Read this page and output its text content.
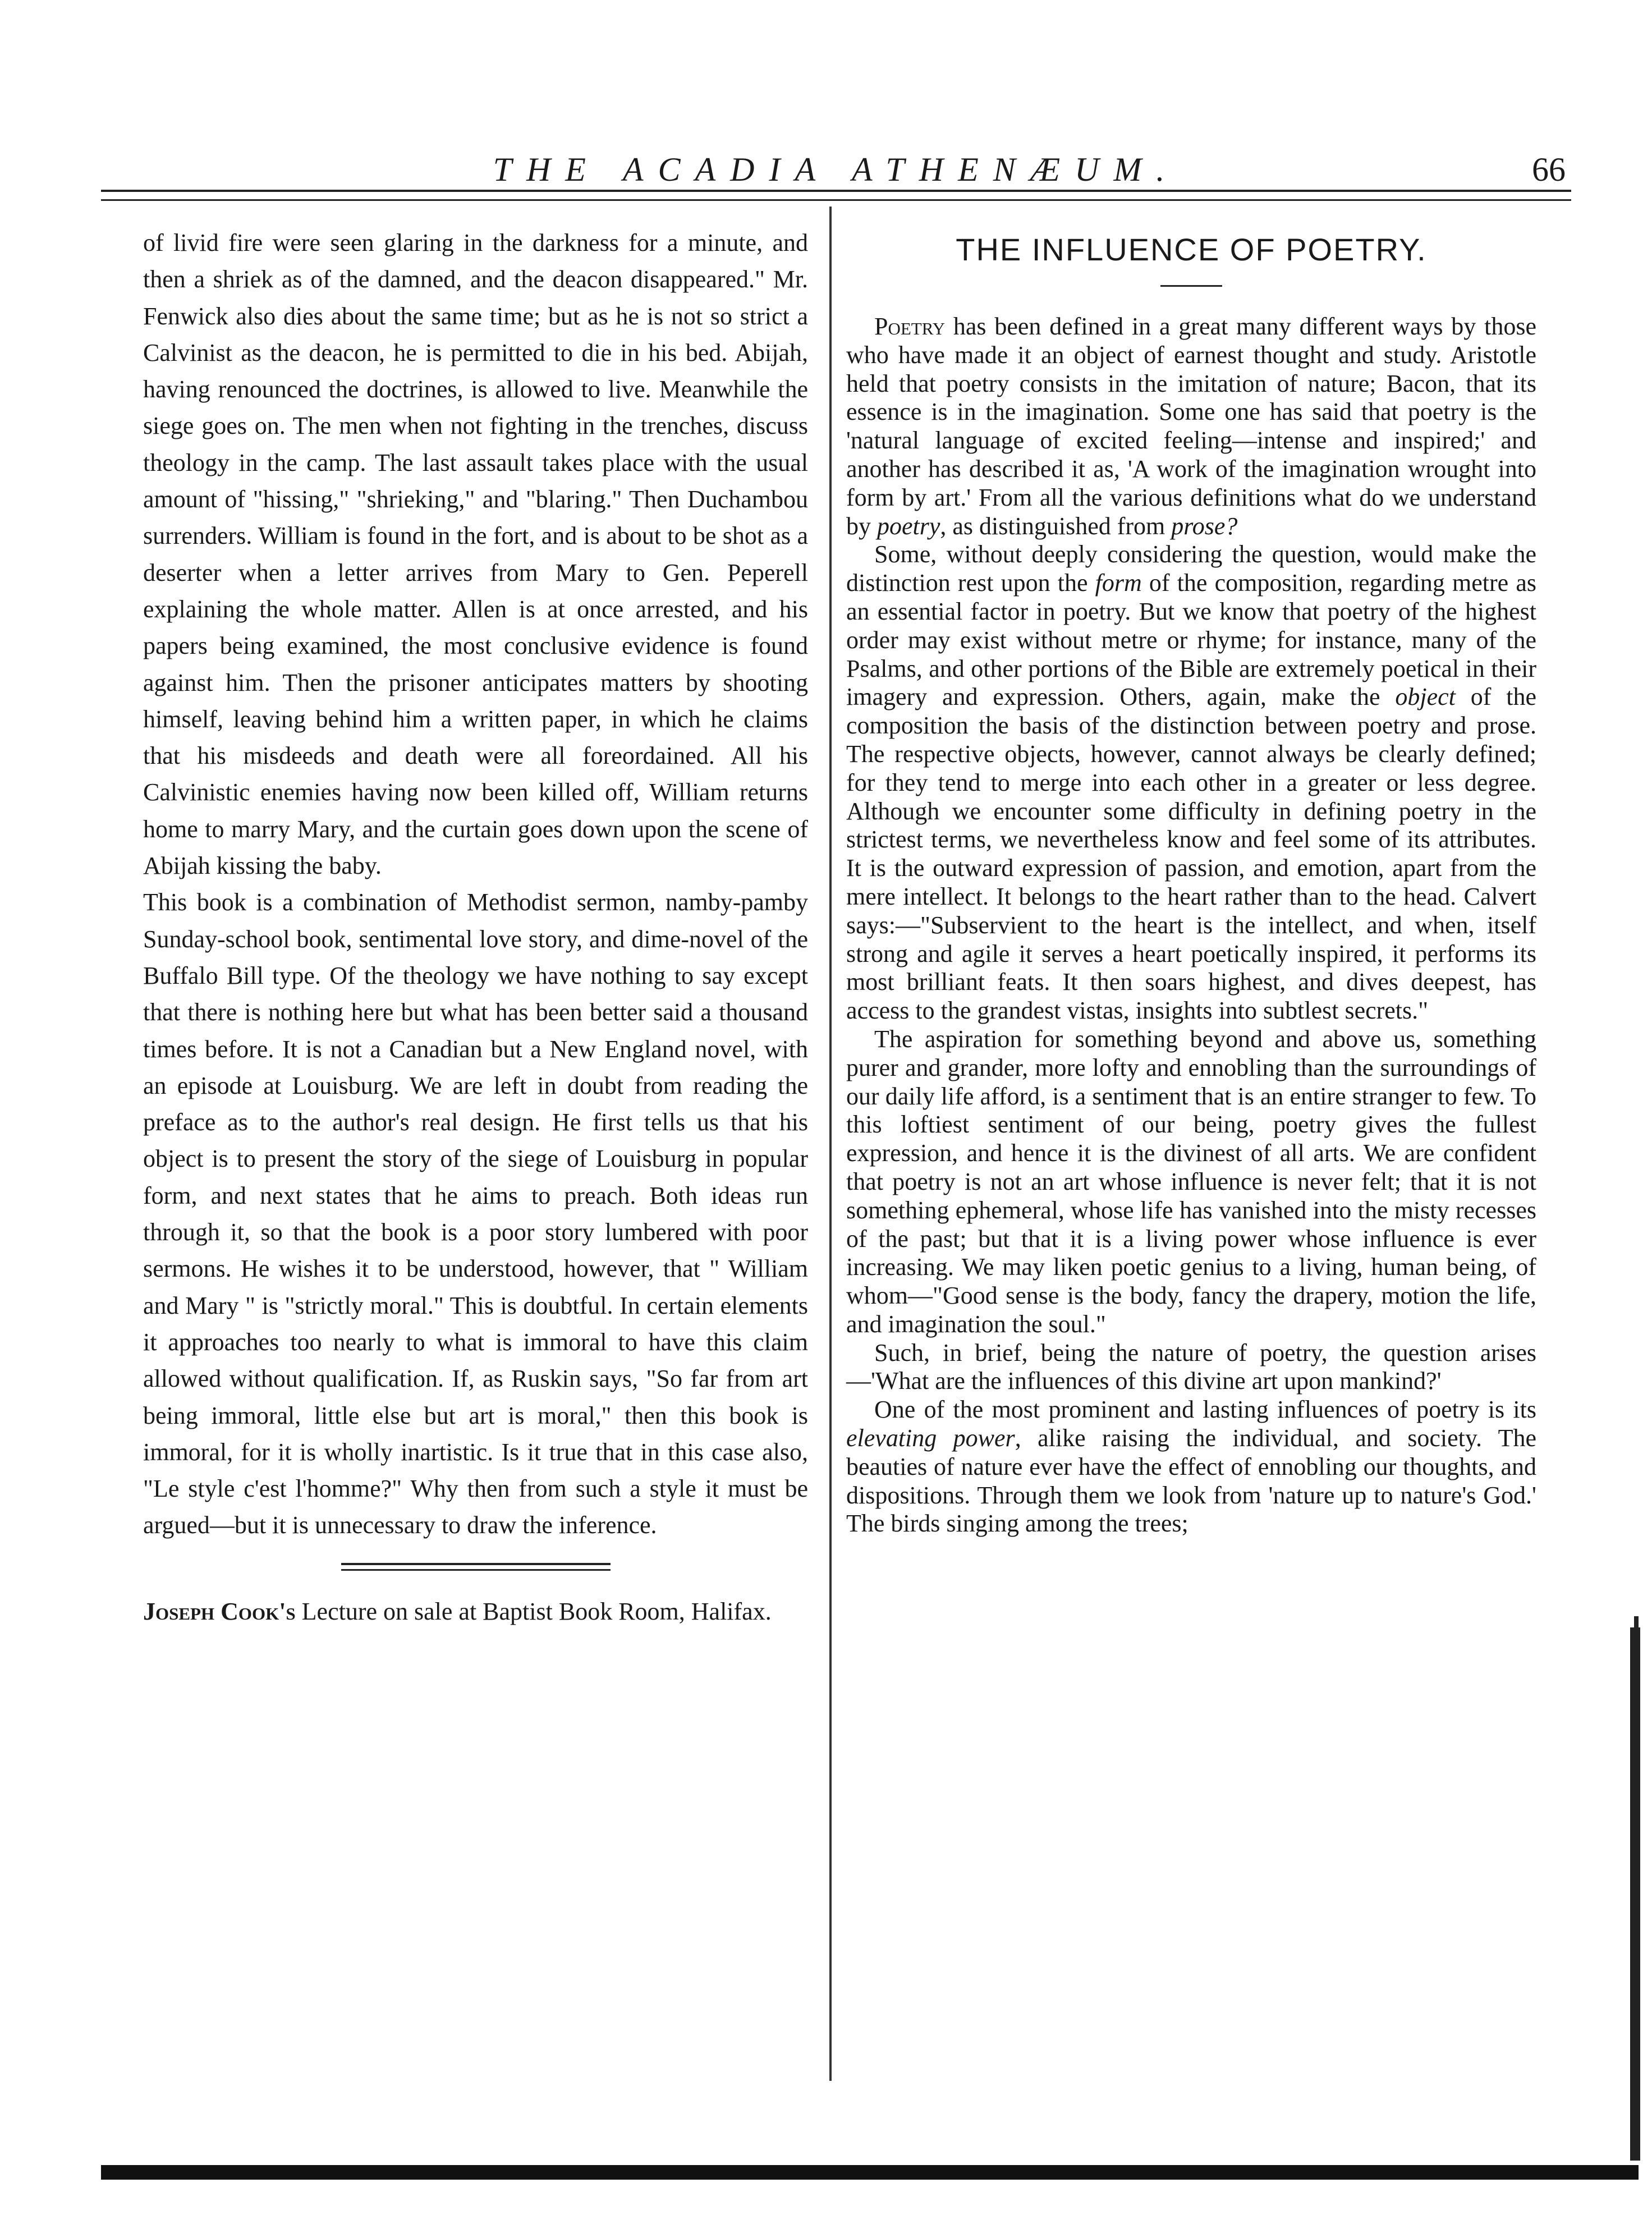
THE ACADIA ATHENÆUM.	66

of livid fire were seen glaring in the darkness for a minute, and then a shriek as of the damned, and the deacon disappeared." Mr. Fenwick also dies about the same time; but as he is not so strict a Calvinist as the deacon, he is permitted to die in his bed. Abijah, having renounced the doctrines, is allowed to live. Meanwhile the siege goes on. The men when not fighting in the trenches, discuss theology in the camp. The last assault takes place with the usual amount of "hissing," "shrieking," and "blaring." Then Duchambou surrenders. William is found in the fort, and is about to be shot as a deserter when a letter arrives from Mary to Gen. Peperell explaining the whole matter. Allen is at once arrested, and his papers being examined, the most conclusive evidence is found against him. Then the prisoner anticipates matters by shooting himself, leaving behind him a written paper, in which he claims that his misdeeds and death were all foreordained. All his Calvinistic enemies having now been killed off, William returns home to marry Mary, and the curtain goes down upon the scene of Abijah kissing the baby.

This book is a combination of Methodist sermon, namby-pamby Sunday-school book, sentimental love story, and dime-novel of the Buffalo Bill type. Of the theology we have nothing to say except that there is nothing here but what has been better said a thousand times before. It is not a Canadian but a New England novel, with an episode at Louisburg. We are left in doubt from reading the preface as to the author's real design. He first tells us that his object is to present the story of the siege of Louisburg in popular form, and next states that he aims to preach. Both ideas run through it, so that the book is a poor story lumbered with poor sermons. He wishes it to be understood, however, that " William and Mary " is "strictly moral." This is doubtful. In certain elements it approaches too nearly to what is immoral to have this claim allowed without qualification. If, as Ruskin says, "So far from art being immoral, little else but art is moral," then this book is immoral, for it is wholly inartistic. Is it true that in this case also, "Le style c'est l'homme?" Why then from such a style it must be argued—but it is unnecessary to draw the inference.

Joseph Cook's Lecture on sale at Baptist Book Room, Halifax.

THE INFLUENCE OF POETRY.

Poetry has been defined in a great many different ways by those who have made it an object of earnest thought and study. Aristotle held that poetry consists in the imitation of nature; Bacon, that its essence is in the imagination. Some one has said that poetry is the 'natural language of excited feeling—intense and inspired;' and another has described it as, 'A work of the imagination wrought into form by art.' From all the various definitions what do we understand by poetry, as distinguished from prose?

Some, without deeply considering the question, would make the distinction rest upon the form of the composition, regarding metre as an essential factor in poetry. But we know that poetry of the highest order may exist without metre or rhyme; for instance, many of the Psalms, and other portions of the Bible are extremely poetical in their imagery and expression. Others, again, make the object of the composition the basis of the distinction between poetry and prose. The respective objects, however, cannot always be clearly defined; for they tend to merge into each other in a greater or less degree. Although we encounter some difficulty in defining poetry in the strictest terms, we nevertheless know and feel some of its attributes. It is the outward expression of passion, and emotion, apart from the mere intellect. It belongs to the heart rather than to the head. Calvert says:—"Subservient to the heart is the intellect, and when, itself strong and agile it serves a heart poetically inspired, it performs its most brilliant feats. It then soars highest, and dives deepest, has access to the grandest vistas, insights into subtlest secrets."

The aspiration for something beyond and above us, something purer and grander, more lofty and ennobling than the surroundings of our daily life afford, is a sentiment that is an entire stranger to few. To this loftiest sentiment of our being, poetry gives the fullest expression, and hence it is the divinest of all arts. We are confident that poetry is not an art whose influence is never felt; that it is not something ephemeral, whose life has vanished into the misty recesses of the past; but that it is a living power whose influence is ever increasing. We may liken poetic genius to a living, human being, of whom—"Good sense is the body, fancy the drapery, motion the life, and imagination the soul."

Such, in brief, being the nature of poetry, the question arises—'What are the influences of this divine art upon mankind?'

One of the most prominent and lasting influences of poetry is its elevating power, alike raising the individual, and society. The beauties of nature ever have the effect of ennobling our thoughts, and dispositions. Through them we look from 'nature up to nature's God.' The birds singing among the trees;
